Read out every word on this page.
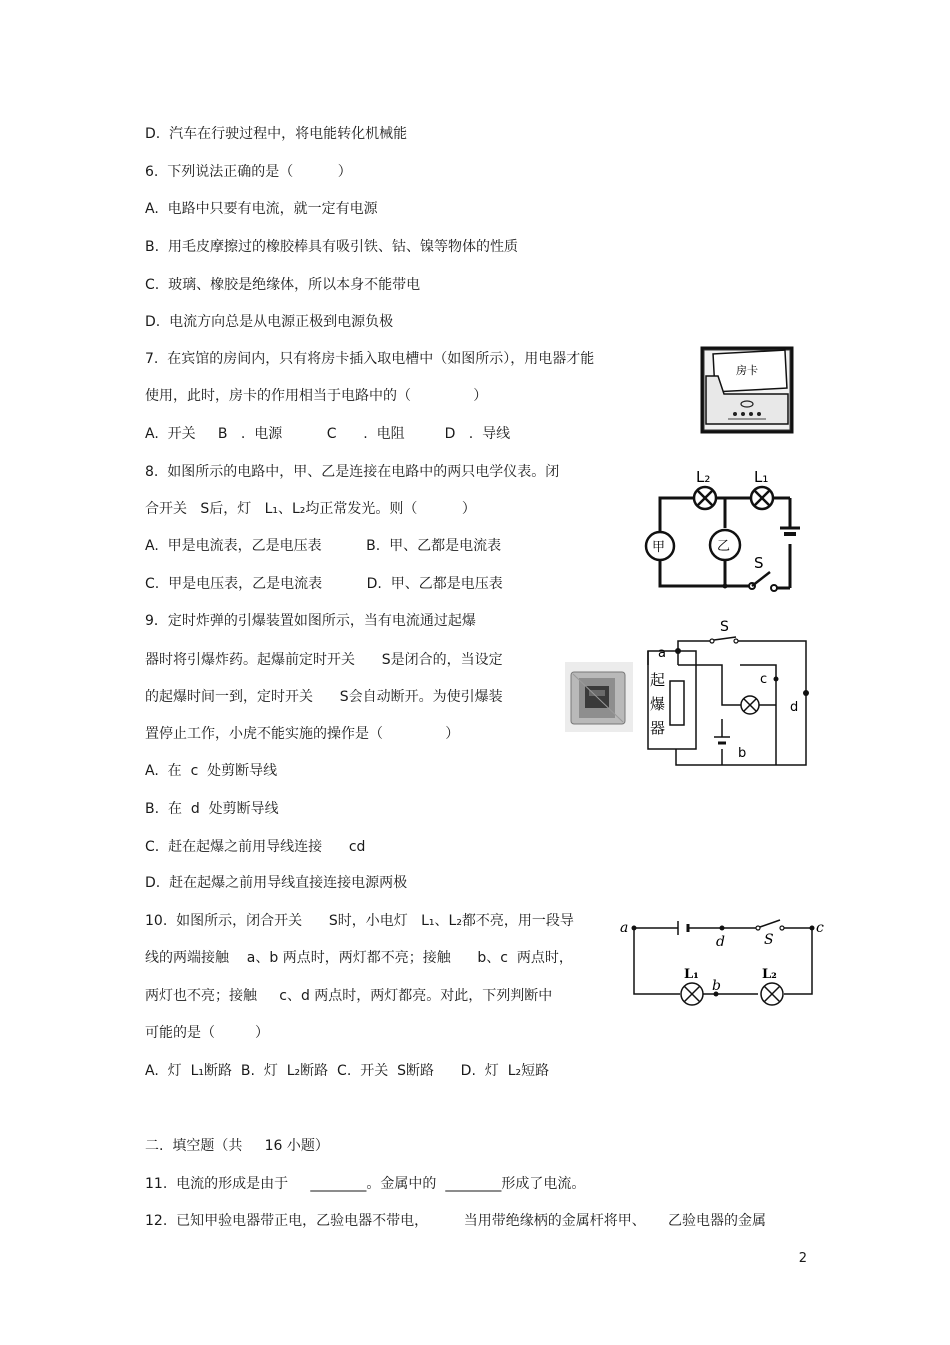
D.  汽车在行驶过程中，将电能转化机械能
6.  下列说法正确的是（          ）
A.  电路中只要有电流，就一定有电源
B.  用毛皮摩擦过的橡胶棒具有吸引铁、钴、镍等物体的性质
C.  玻璃、橡胶是绝缘体，所以本身不能带电
D.  电流方向总是从电源正极到电源负极
7.  在宾馆的房间内，只有将房卡插入取电槽中（如图所示），用电器才能
使用，此时，房卡的作用相当于电路中的（              ）
A.  开关     B   .  电源          C      .  电阻         D   .  导线
8.  如图所示的电路中，甲、乙是连接在电路中的两只电学仪表。闭
合开关   S后，灯   L₁、L₂均正常发光。则（          ）
A.  甲是电流表，乙是电压表          B.  甲、乙都是电流表
C.  甲是电压表，乙是电流表          D.  甲、乙都是电压表
9．定时炸弹的引爆装置如图所示，当有电流通过起爆
器时将引爆炸药。起爆前定时开关      S是闭合的，当设定
的起爆时间一到，定时开关      S会自动断开。为使引爆装
置停止工作，小虎不能实施的操作是（              ）
A.  在  c  处剪断导线
B.  在  d  处剪断导线
C.  赶在起爆之前用导线连接      cd
D.  赶在起爆之前用导线直接连接电源两极
10.  如图所示，闭合开关      S时，小电灯   L₁、L₂都不亮，用一段导
线的两端接触    a、b 两点时，两灯都不亮；接触      b、c  两点时，
两灯也不亮；接触     c、d 两点时，两灯都亮。对此，下列判断中
可能的是（         ）
A.  灯  L₁断路  B.  灯  L₂断路  C.  开关  S断路      D.  灯  L₂短路
二.  填空题（共     16 小题）
11.  电流的形成是由于     ________。金属中的  ________形成了电流。
12.  已知甲验电器带正电，乙验电器不带电，        当用带绝缘柄的金属杆将甲、     乙验电器的金属
房卡
S
L₂	L₁
甲	乙
S
起
爆
器
a
c
d
b
S
L₁	L₂
a	c
d
b
2
